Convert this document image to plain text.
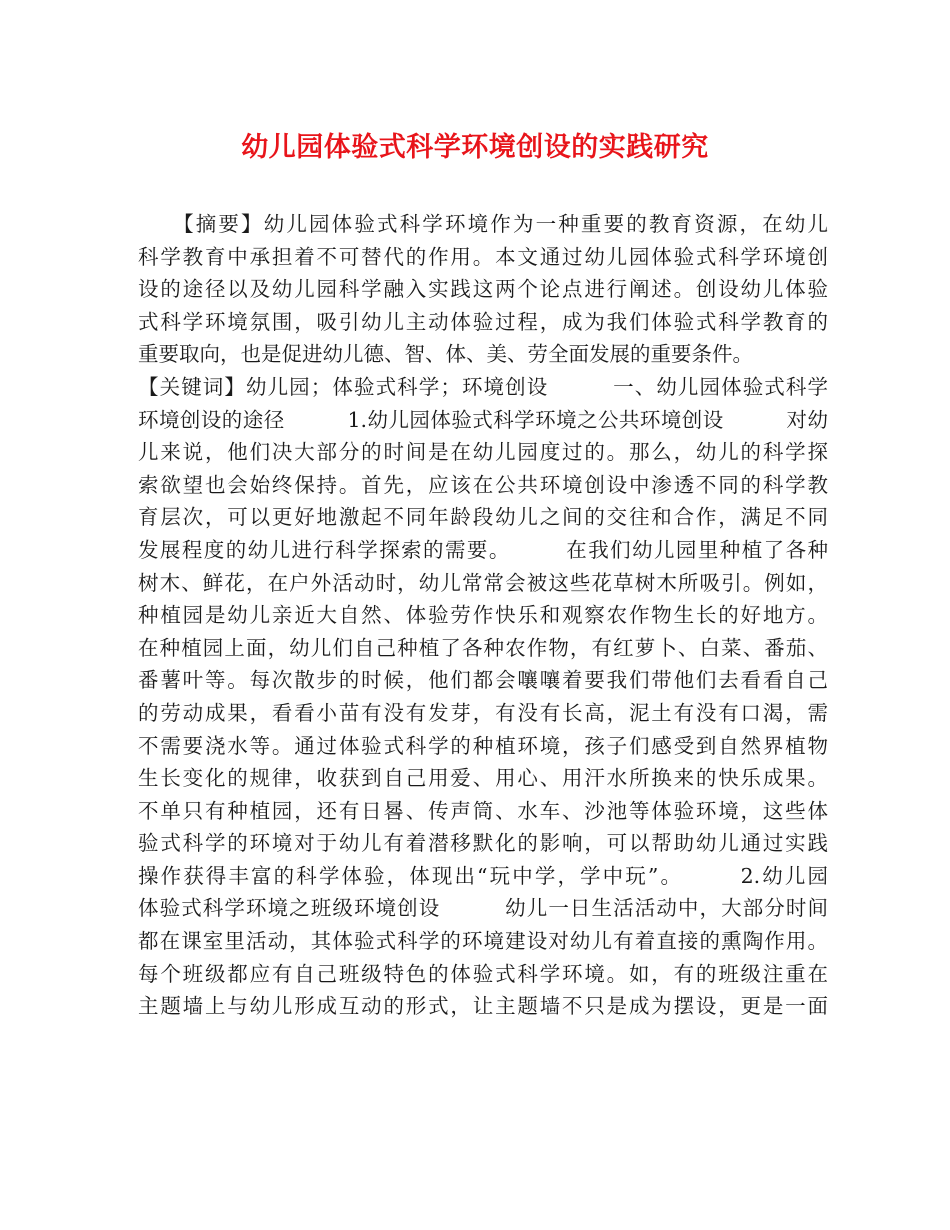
幼儿园体验式科学环境创设的实践研究
　　【摘要】幼儿园体验式科学环境作为一种重要的教育资源，在幼儿
科学教育中承担着不可替代的作用。本文通过幼儿园体验式科学环境创
设的途径以及幼儿园科学融入实践这两个论点进行阐述。创设幼儿体验
式科学环境氛围，吸引幼儿主动体验过程，成为我们体验式科学教育的
重要取向，也是促进幼儿德、智、体、美、劳全面发展的重要条件。
【关键词】幼儿园；体验式科学；环境创设　　　一、幼儿园体验式科学
环境创设的途径　　　1.幼儿园体验式科学环境之公共环境创设　　　对幼
儿来说，他们决大部分的时间是在幼儿园度过的。那么，幼儿的科学探
索欲望也会始终保持。首先，应该在公共环境创设中渗透不同的科学教
育层次，可以更好地激起不同年龄段幼儿之间的交往和合作，满足不同
发展程度的幼儿进行科学探索的需要。　　　在我们幼儿园里种植了各种
树木、鲜花，在户外活动时，幼儿常常会被这些花草树木所吸引。例如，
种植园是幼儿亲近大自然、体验劳作快乐和观察农作物生长的好地方。
在种植园上面，幼儿们自己种植了各种农作物，有红萝卜、白菜、番茄、
番薯叶等。每次散步的时候，他们都会嚷嚷着要我们带他们去看看自己
的劳动成果，看看小苗有没有发芽，有没有长高，泥土有没有口渴，需
不需要浇水等。通过体验式科学的种植环境，孩子们感受到自然界植物
生长变化的规律，收获到自己用爱、用心、用汗水所换来的快乐成果。
不单只有种植园，还有日晷、传声筒、水车、沙池等体验环境，这些体
验式科学的环境对于幼儿有着潜移默化的影响，可以帮助幼儿通过实践
操作获得丰富的科学体验，体现出“玩中学，学中玩”。　　　2.幼儿园
体验式科学环境之班级环境创设　　　幼儿一日生活活动中，大部分时间
都在课室里活动，其体验式科学的环境建设对幼儿有着直接的熏陶作用。
每个班级都应有自己班级特色的体验式科学环境。如，有的班级注重在
主题墙上与幼儿形成互动的形式，让主题墙不只是成为摆设，更是一面
